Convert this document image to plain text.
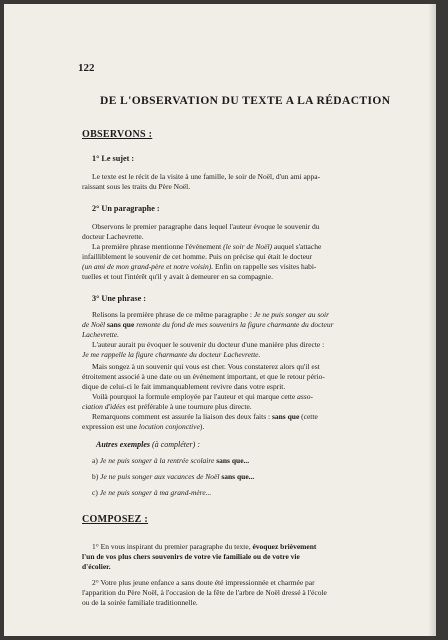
122
DE L'OBSERVATION DU TEXTE A LA RÉDACTION
OBSERVONS :
1° Le sujet :
Le texte est le récit de la visite à une famille, le soir de Noël, d'un ami appa-
raissant sous les traits du Père Noël.
2° Un paragraphe :
Observons le premier paragraphe dans lequel l'auteur évoque le souvenir du
docteur Lachevrette.
La première phrase mentionne l'événement (le soir de Noël) auquel s'attache
infailliblement le souvenir de cet homme. Puis on précise qui était le docteur
(un ami de mon grand-père et notre voisin). Enfin on rappelle ses visites habi-
tuelles et tout l'intérêt qu'il y avait à demeurer en sa compagnie.
3° Une phrase :
Relisons la première phrase de ce même paragraphe : Je ne puis songer au soir
de Noël sans que remonte du fond de mes souvenirs la figure charmante du docteur
Lachevrette.
L'auteur aurait pu évoquer le souvenir du docteur d'une manière plus directe :
Je me rappelle la figure charmante du docteur Lachevrette.
Mais songez à un souvenir qui vous est cher. Vous constaterez alors qu'il est
étroitement associé à une date ou un événement important, et que le retour pério-
dique de celui-ci le fait immanquablement revivre dans votre esprit.
Voilà pourquoi la formule employée par l'auteur et qui marque cette asso-
ciation d'idées est préférable à une tournure plus directe.
Remarquons comment est assurée la liaison des deux faits : sans que (cette
expression est une locution conjonctive).
Autres exemples (à compléter) :
a) Je ne puis songer à la rentrée scolaire sans que...
b) Je ne puis songer aux vacances de Noël sans que...
c) Je ne puis songer à ma grand-mère...
COMPOSEZ :
1° En vous inspirant du premier paragraphe du texte, évoquez brièvement
l'un de vos plus chers souvenirs de votre vie familiale ou de votre vie
d'écolier.
2° Votre plus jeune enfance a sans doute été impressionnée et charmée par
l'apparition du Père Noël, à l'occasion de la fête de l'arbre de Noël dressé à l'école
ou de la soirée familiale traditionnelle.
